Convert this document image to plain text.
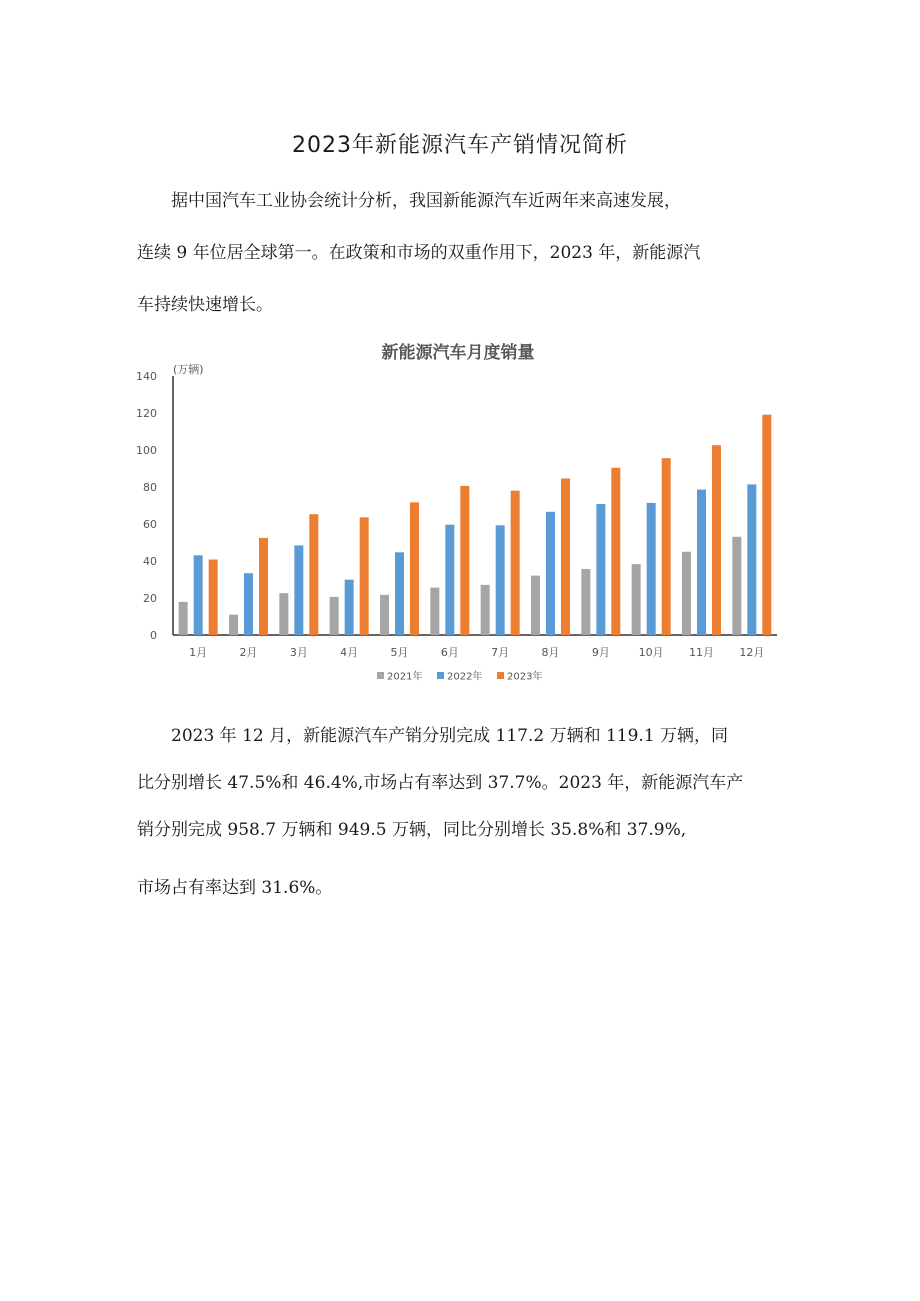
2023年新能源汽车产销情况简析
　　据中国汽车工业协会统计分析，我国新能源汽车近两年来高速发展，
连续 9 年位居全球第一。在政策和市场的双重作用下，2023 年，新能源汽
车持续快速增长。
新能源汽车月度销量
(万辆)
0
20
40
60
80
100
120
140
1月	2月	3月	4月	5月	6月	7月	8月	9月	10月 11月 12月
2021年 2022年 2023年
　　2023 年 12 月，新能源汽车产销分别完成 117.2 万辆和 119.1 万辆，同
比分别增长 47.5%和 46.4%,市场占有率达到 37.7%。2023 年，新能源汽车产
销分别完成 958.7 万辆和 949.5 万辆，同比分别增长 35.8%和 37.9%,
市场占有率达到 31.6%。
